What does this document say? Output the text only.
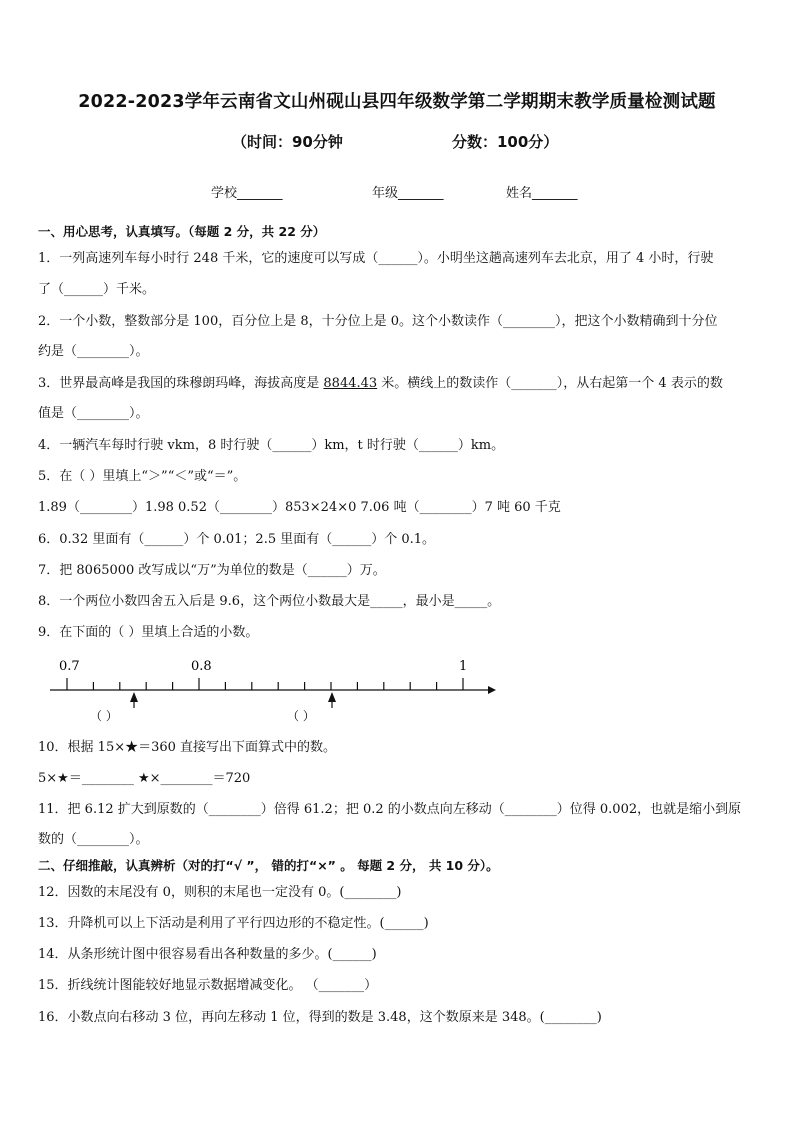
2022-2023学年云南省文山州砚山县四年级数学第二学期期末教学质量检测试题
（时间：90分钟	分数：100分）
学校_______	年级_______	姓名_______
一、用心思考，认真填写。（每题 2 分，共 22 分）
1．一列高速列车每小时行 248 千米，它的速度可以写成（______）。小明坐这趟高速列车去北京，用了 4 小时，行驶
了（______）千米。
2．一个小数，整数部分是 100，百分位上是 8，十分位上是 0。这个小数读作（________），把这个小数精确到十分位
约是（________）。
3．世界最高峰是我国的珠穆朗玛峰，海拔高度是 8844.43 米。横线上的数读作（_______），从右起第一个 4 表示的数
值是（________）。
4．一辆汽车每时行驶 vkm，8 时行驶（______）km，t 时行驶（______）km。
5．在（ ）里填上“＞”“＜”或“＝”。
1.89（________）1.98 0.52（________）853×24×0 7.06 吨（________）7 吨 60 千克
6．0.32 里面有（______）个 0.01；2.5 里面有（______）个 0.1。
7．把 8065000 改写成以“万”为单位的数是（______）万。
8．一个两位小数四舍五入后是 9.6，这个两位小数最大是_____，最小是_____。
9．在下面的（ ）里填上合适的小数。
0.7	0.8	1
（ ）	（ ）
10．根据 15×★＝360 直接写出下面算式中的数。
5×★＝________ ★×________＝720
11．把 6.12 扩大到原数的（________）倍得 61.2；把 0.2 的小数点向左移动（________）位得 0.002，也就是缩小到原
数的（________）。
二、仔细推敲，认真辨析（对的打“√ ”， 错的打“×” 。 每题 2 分， 共 10 分）。
12．因数的末尾没有 0，则积的末尾也一定没有 0。(________)
13．升降机可以上下活动是利用了平行四边形的不稳定性。(______)
14．从条形统计图中很容易看出各种数量的多少。(______)
15．折线统计图能较好地显示数据增减变化。 （_______）
16．小数点向右移动 3 位，再向左移动 1 位，得到的数是 3.48，这个数原来是 348。(________)
